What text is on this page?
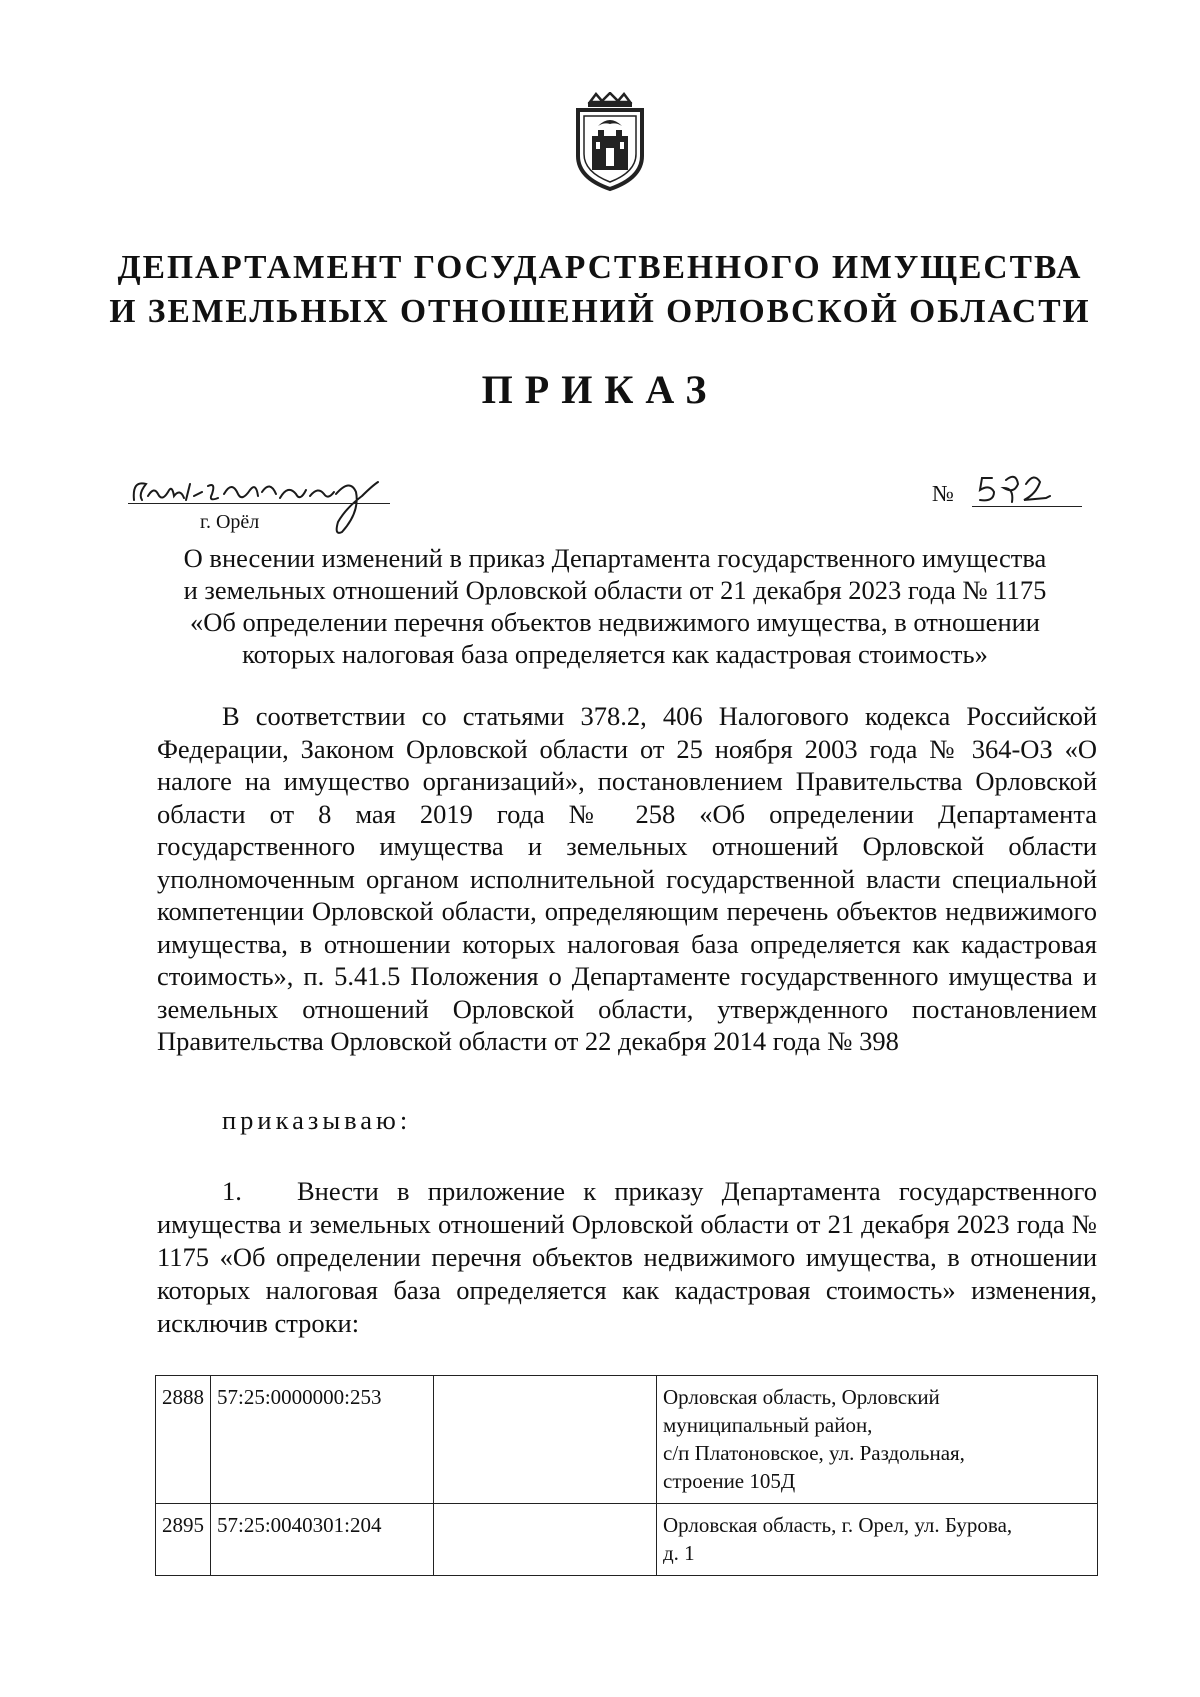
ДЕПАРТАМЕНТ ГОСУДАРСТВЕННОГО ИМУЩЕСТВА
И ЗЕМЕЛЬНЫХ ОТНОШЕНИЙ ОРЛОВСКОЙ ОБЛАСТИ
ПРИКАЗ
г. Орёл
№
О внесении изменений в приказ Департамента государственного имущества
и земельных отношений Орловской области от 21 декабря 2023 года № 1175
«Об определении перечня объектов недвижимого имущества, в отношении
которых налоговая база определяется как кадастровая стоимость»
В соответствии со статьями 378.2, 406 Налогового кодекса Российской Федерации, Законом Орловской области от 25 ноября 2003 года № 364-ОЗ «О налоге на имущество организаций», постановлением Правительства Орловской области от 8 мая 2019 года № 258 «Об определении Департамента государственного имущества и земельных отношений Орловской области уполномоченным органом исполнительной государственной власти специальной компетенции Орловской области, определяющим перечень объектов недвижимого имущества, в отношении которых налоговая база определяется как кадастровая стоимость», п. 5.41.5 Положения о Департаменте государственного имущества и земельных отношений Орловской области, утвержденного постановлением Правительства Орловской области от 22 декабря 2014 года № 398
приказываю:
1. Внести в приложение к приказу Департамента государственного имущества и земельных отношений Орловской области от 21 декабря 2023 года № 1175 «Об определении перечня объектов недвижимого имущества, в отношении которых налоговая база определяется как кадастровая стоимость» изменения, исключив строки:
2888	57:25:0000000:253		Орловская область, Орловский
муниципальный район,
с/п Платоновское, ул. Раздольная,
строение 105Д

2895	57:25:0040301:204		Орловская область, г. Орел, ул. Бурова,
д. 1
